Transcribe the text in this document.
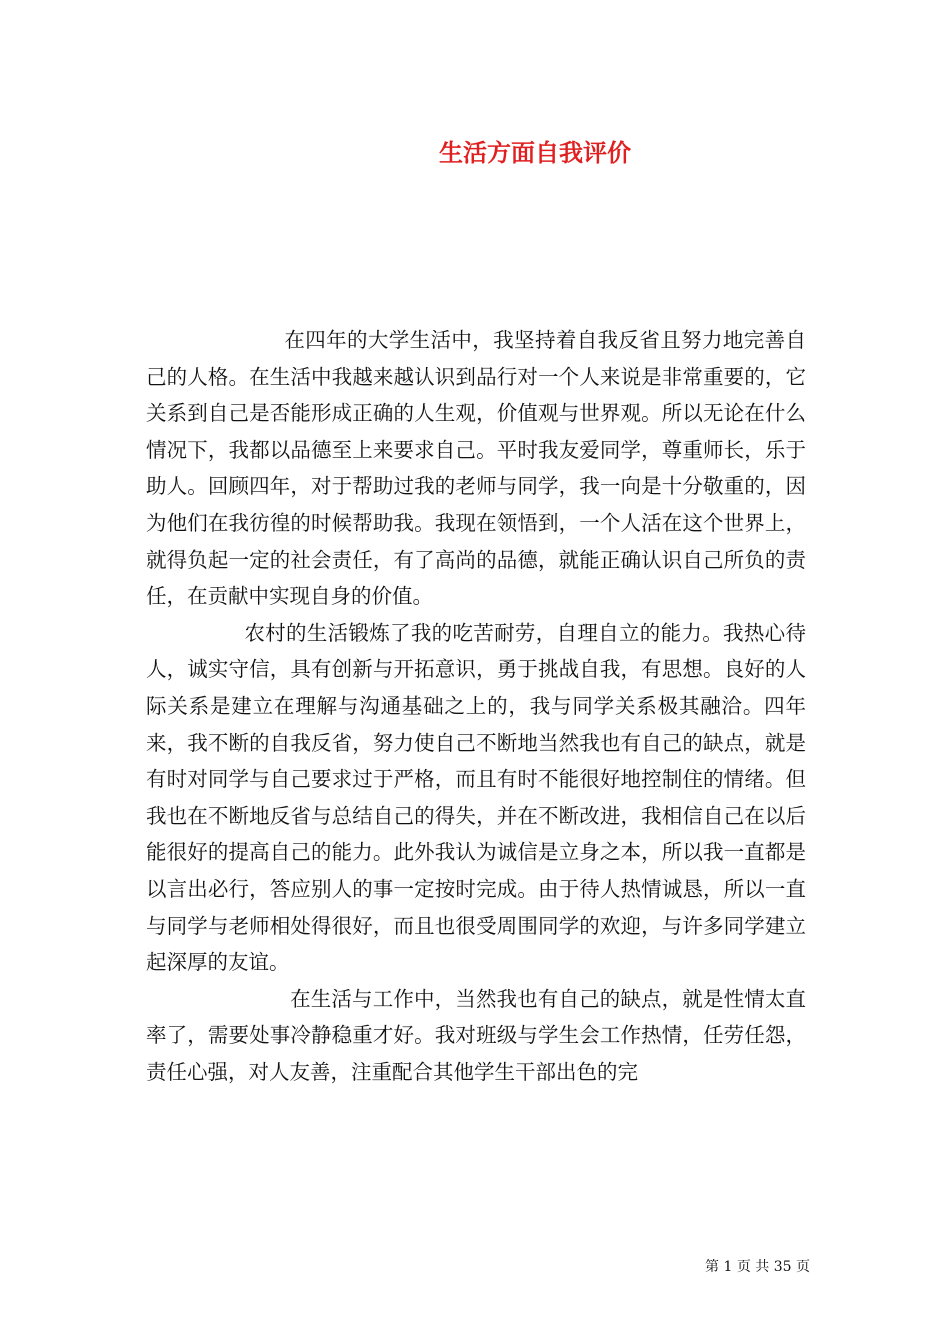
生活方面自我评价

在四年的大学生活中，我坚持着自我反省且努力地完善自己的人格。在生活中我越来越认识到品行对一个人来说是非常重要的，它关系到自己是否能形成正确的人生观，价值观与世界观。所以无论在什么情况下，我都以品德至上来要求自己。平时我友爱同学，尊重师长，乐于助人。回顾四年，对于帮助过我的老师与同学，我一向是十分敬重的，因为他们在我彷徨的时候帮助我。我现在领悟到，一个人活在这个世界上，就得负起一定的社会责任，有了高尚的品德，就能正确认识自己所负的责任，在贡献中实现自身的价值。

农村的生活锻炼了我的吃苦耐劳，自理自立的能力。我热心待人，诚实守信，具有创新与开拓意识，勇于挑战自我，有思想。良好的人际关系是建立在理解与沟通基础之上的，我与同学关系极其融洽。四年来，我不断的自我反省，努力使自己不断地当然我也有自己的缺点，就是有时对同学与自己要求过于严格，而且有时不能很好地控制住的情绪。但我也在不断地反省与总结自己的得失，并在不断改进，我相信自己在以后能很好的提高自己的能力。此外我认为诚信是立身之本，所以我一直都是以言出必行，答应别人的事一定按时完成。由于待人热情诚恳，所以一直与同学与老师相处得很好，而且也很受周围同学的欢迎，与许多同学建立起深厚的友谊。

在生活与工作中，当然我也有自己的缺点，就是性情太直率了，需要处事冷静稳重才好。我对班级与学生会工作热情，任劳任怨，责任心强，对人友善，注重配合其他学生干部出色的完

第 1 页 共 35 页
